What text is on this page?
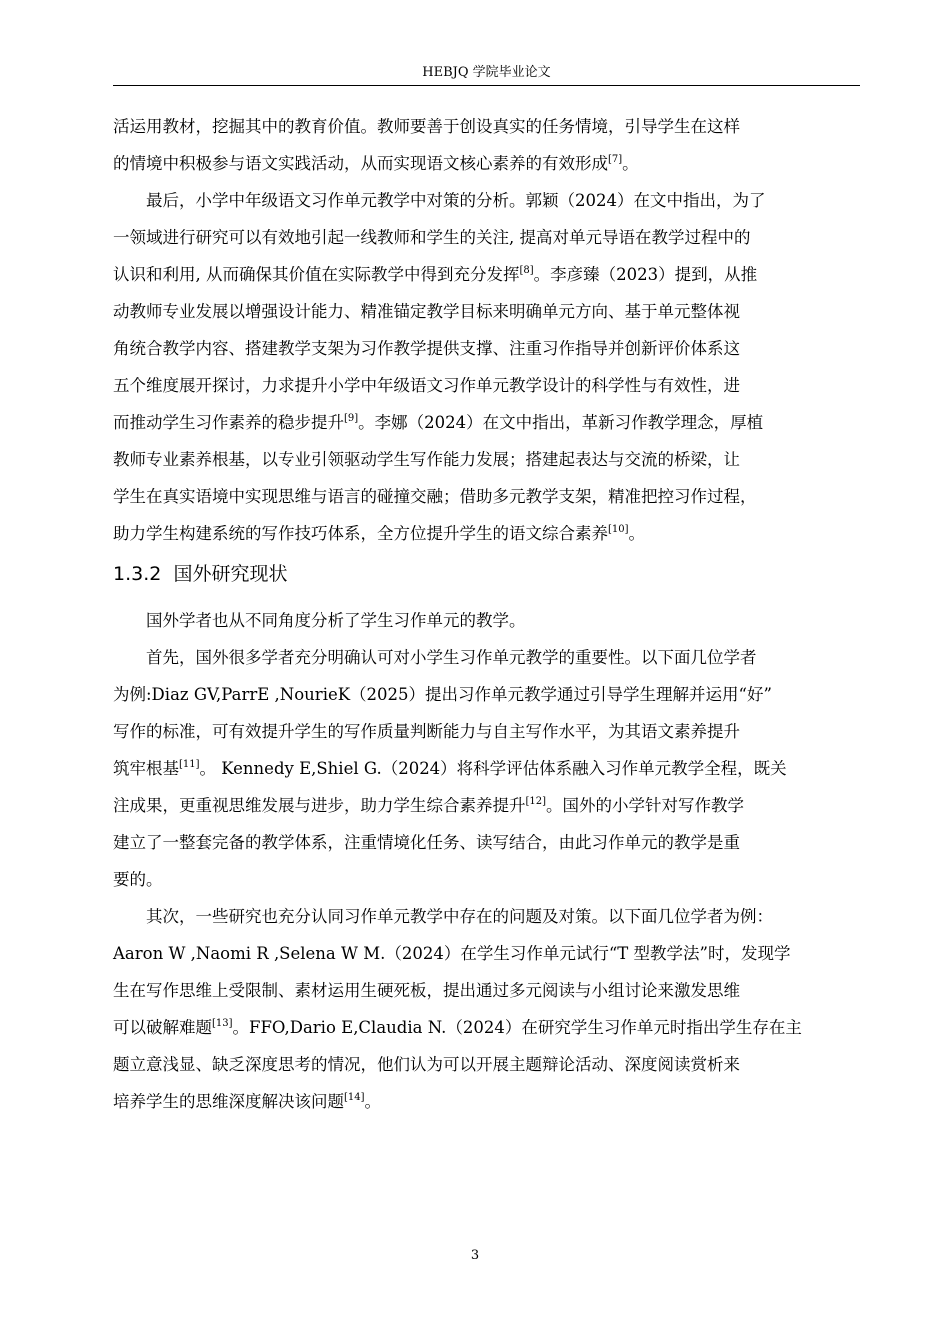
HEBJQ 学院毕业论文
活运用教材，挖掘其中的教育价值。教师要善于创设真实的任务情境，引导学生在这样
的情境中积极参与语文实践活动，从而实现语文核心素养的有效形成[7]。
最后，小学中年级语文习作单元教学中对策的分析。郭颖（2024）在文中指出，为了
一领域进行研究可以有效地引起一线教师和学生的关注, 提高对单元导语在教学过程中的
认识和利用, 从而确保其价值在实际教学中得到充分发挥[8]。李彦臻（2023）提到，从推
动教师专业发展以增强设计能力、精准锚定教学目标来明确单元方向、基于单元整体视
角统合教学内容、搭建教学支架为习作教学提供支撑、注重习作指导并创新评价体系这
五个维度展开探讨，力求提升小学中年级语文习作单元教学设计的科学性与有效性，进
而推动学生习作素养的稳步提升[9]。李娜（2024）在文中指出，革新习作教学理念，厚植
教师专业素养根基，以专业引领驱动学生写作能力发展；搭建起表达与交流的桥梁，让
学生在真实语境中实现思维与语言的碰撞交融；借助多元教学支架，精准把控习作过程，
助力学生构建系统的写作技巧体系，全方位提升学生的语文综合素养[10]。
1.3.2 国外研究现状
国外学者也从不同角度分析了学生习作单元的教学。
首先，国外很多学者充分明确认可对小学生习作单元教学的重要性。以下面几位学者
为例:Diaz GV,ParrE ,NourieK（2025）提出习作单元教学通过引导学生理解并运用“好”
写作的标准，可有效提升学生的写作质量判断能力与自主写作水平，为其语文素养提升
筑牢根基[11]。 Kennedy E,Shiel G.（2024）将科学评估体系融入习作单元教学全程，既关
注成果，更重视思维发展与进步，助力学生综合素养提升[12]。国外的小学针对写作教学
建立了一整套完备的教学体系，注重情境化任务、读写结合，由此习作单元的教学是重
要的。
其次，一些研究也充分认同习作单元教学中存在的问题及对策。以下面几位学者为例：
Aaron W ,Naomi R ,Selena W M.（2024）在学生习作单元试行“T 型教学法”时，发现学
生在写作思维上受限制、素材运用生硬死板，提出通过多元阅读与小组讨论来激发思维
可以破解难题[13]。FFO,Dario E,Claudia N.（2024）在研究学生习作单元时指出学生存在主
题立意浅显、缺乏深度思考的情况，他们认为可以开展主题辩论活动、深度阅读赏析来
培养学生的思维深度解决该问题[14]。
3
